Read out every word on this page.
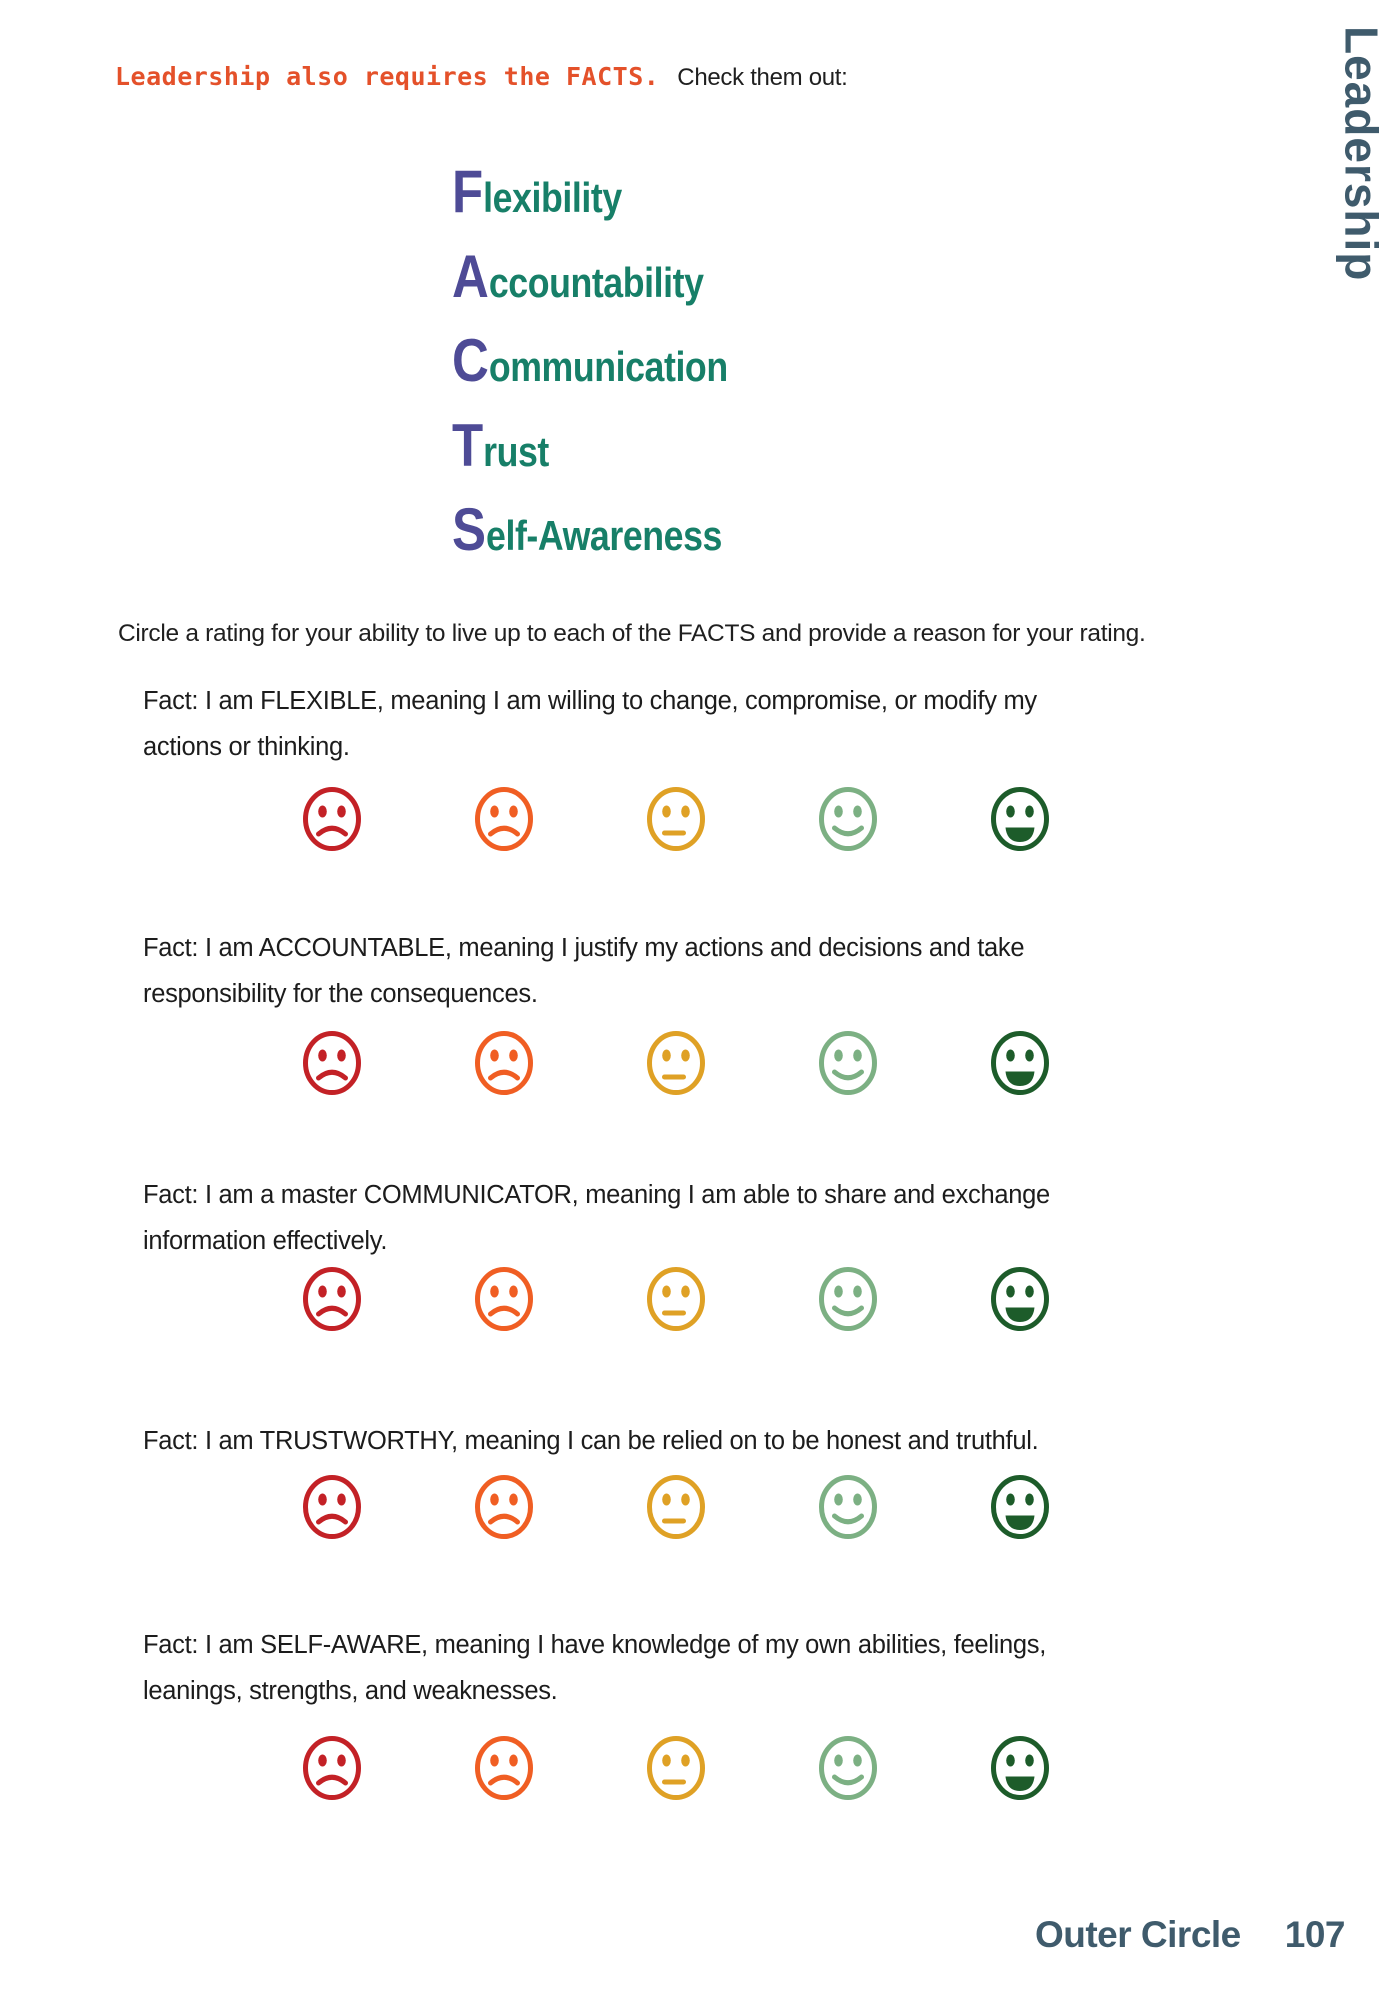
Leadership also requires the FACTS. Check them out:	Leadership
Flexibility
Accountability
Communication
Trust
Self-Awareness
Circle a rating for your ability to live up to each of the FACTS and provide a reason for your rating.
Fact: I am FLEXIBLE, meaning I am willing to change, compromise, or modify my
actions or thinking.
Fact: I am ACCOUNTABLE, meaning I justify my actions and decisions and take
responsibility for the consequences.
Fact: I am a master COMMUNICATOR, meaning I am able to share and exchange
information effectively.
Fact: I am TRUSTWORTHY, meaning I can be relied on to be honest and truthful.
Fact: I am SELF-AWARE, meaning I have knowledge of my own abilities, feelings,
leanings, strengths, and weaknesses.
Outer Circle 107
